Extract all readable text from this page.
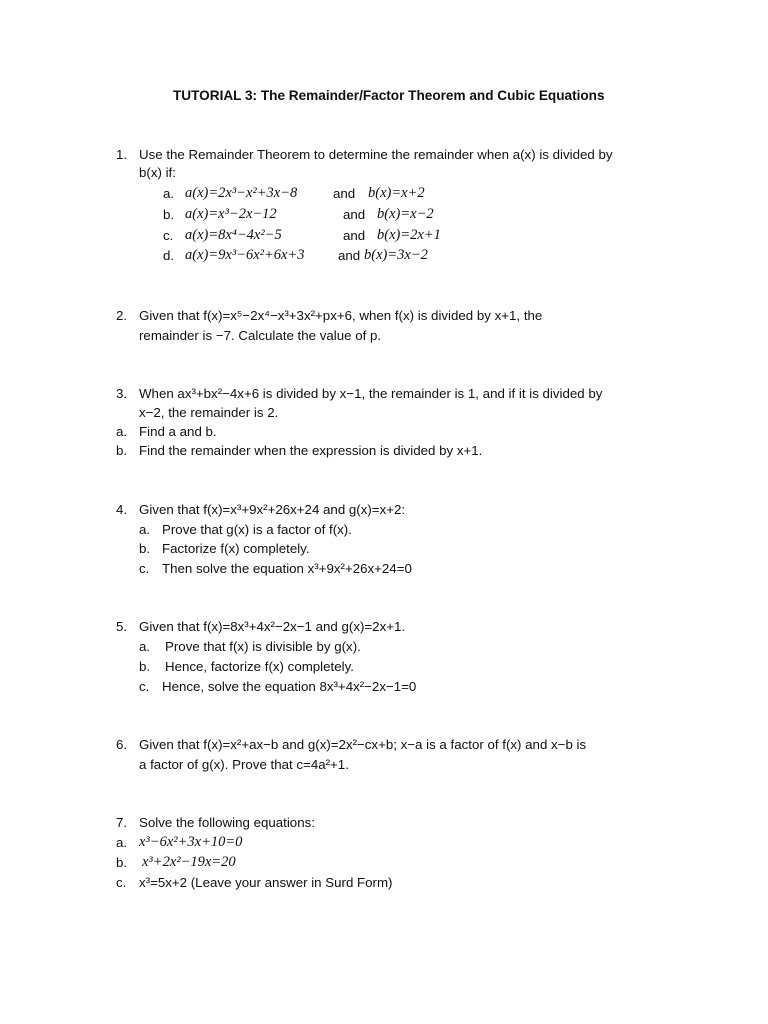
TUTORIAL 3: The Remainder/Factor Theorem and Cubic Equations
1. Use the Remainder Theorem to determine the remainder when a(x) is divided by
b(x) if:
a. a(x)=2x³−x²+3x−8	and b(x)=x+2
b. a(x)=x³−2x−12	and b(x)=x−2
c. a(x)=8x⁴−4x²−5	and b(x)=2x+1
d. a(x)=9x³−6x²+6x+3	and b(x)=3x−2
2. Given that f(x)=x⁵−2x⁴−x³+3x²+px+6, when f(x) is divided by x+1, the
remainder is −7. Calculate the value of p.
3. When ax³+bx²−4x+6 is divided by x−1, the remainder is 1, and if it is divided by
x−2, the remainder is 2.
a. Find a and b.
b. Find the remainder when the expression is divided by x+1.
4. Given that f(x)=x³+9x²+26x+24 and g(x)=x+2:
a. Prove that g(x) is a factor of f(x).
b. Factorize f(x) completely.
c. Then solve the equation x³+9x²+26x+24=0
5. Given that f(x)=8x³+4x²−2x−1 and g(x)=2x+1.
a. Prove that f(x) is divisible by g(x).
b. Hence, factorize f(x) completely.
c. Hence, solve the equation 8x³+4x²−2x−1=0
6. Given that f(x)=x²+ax−b and g(x)=2x²−cx+b; x−a is a factor of f(x) and x−b is
a factor of g(x). Prove that c=4a²+1.
7. Solve the following equations:
a. x³−6x²+3x+10=0
b. x³+2x²−19x=20
c. x³=5x+2 (Leave your answer in Surd Form)
